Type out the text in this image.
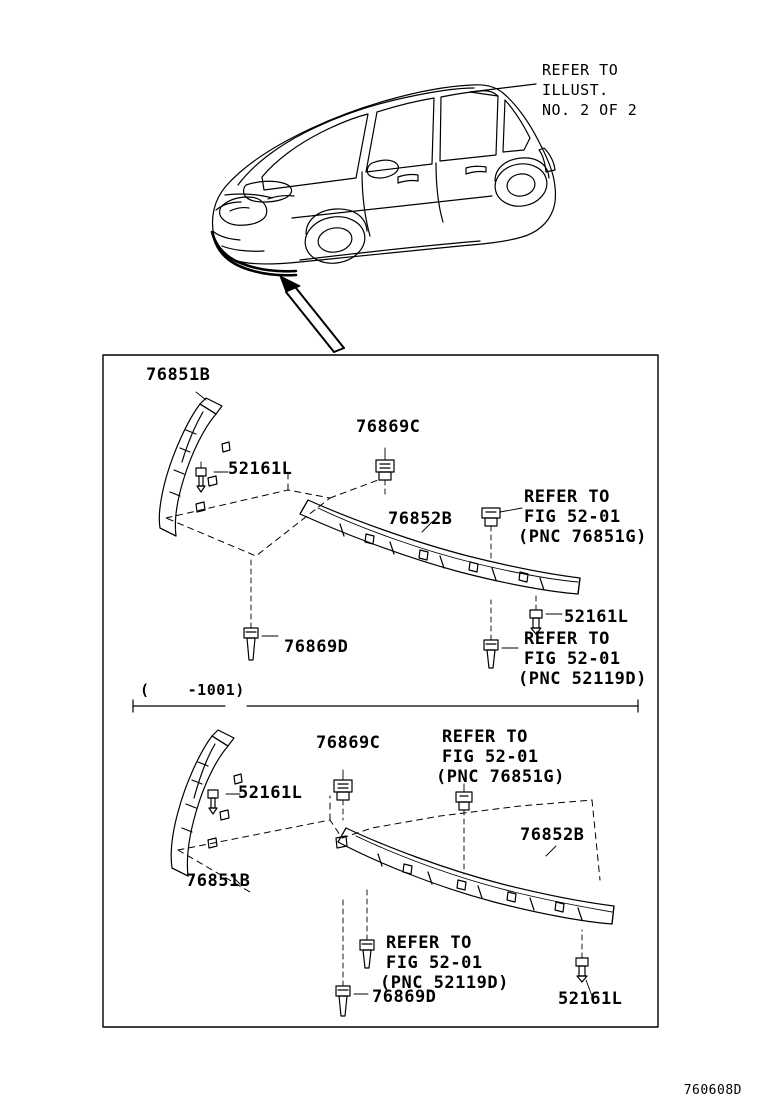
REFER TO
ILLUST.
NO. 2 OF 2
76851B
76869C
52161L
76852B
76869D
52161L
REFER TO
FIG 52-01
(PNC 76851G)
REFER TO
FIG 52-01
(PNC 52119D)
(    -1001)
76869C
52161L
76851B
76852B
76869D	52161L
REFER TO
FIG 52-01
(PNC 76851G)
REFER TO
FIG 52-01
(PNC 52119D)
760608D
